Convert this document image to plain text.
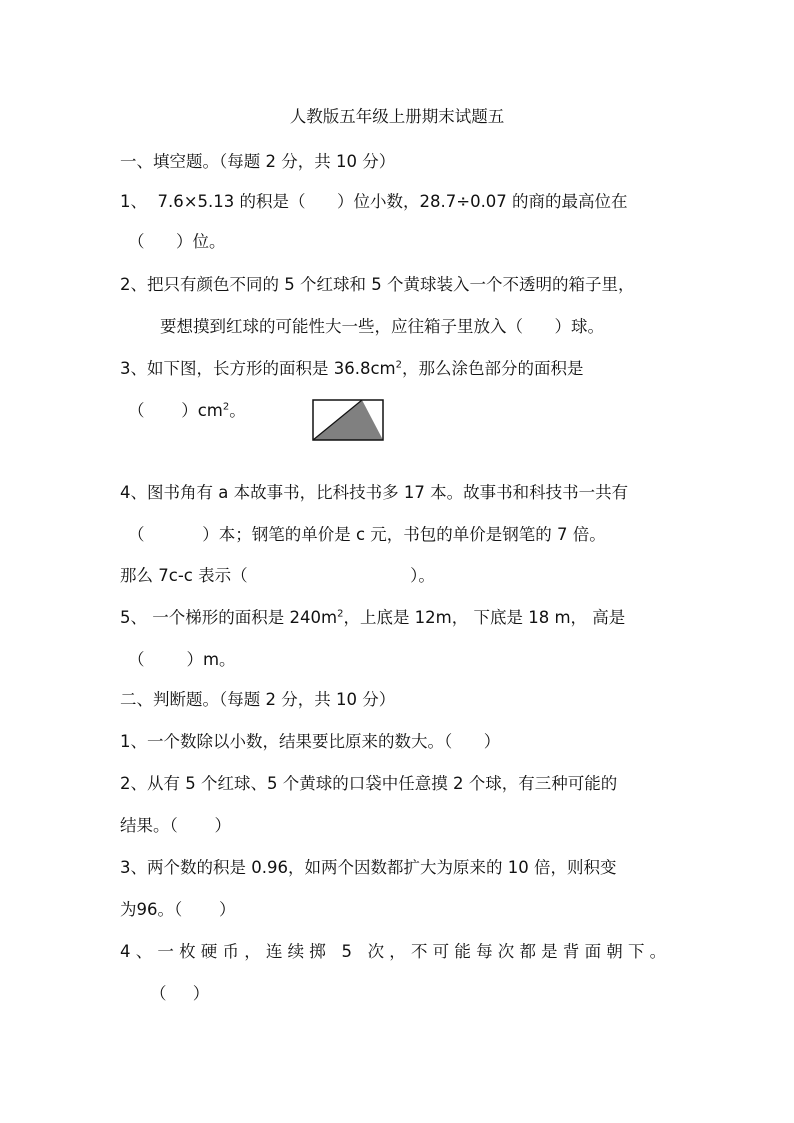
人教版五年级上册期末试题五
一、填空题。（每题 2 分，共 10 分）
1、  7.6×5.13 的积是（      ）位小数，28.7÷0.07 的商的最高位在
（      ）位。
2、把只有颜色不同的 5 个红球和 5 个黄球装入一个不透明的箱子里，
要想摸到红球的可能性大一些，应往箱子里放入（      ）球。
3、如下图，长方形的面积是 $36.8cm^2$，那么涂色部分的面积是
（       ）$cm^2$。
4、图书角有 a 本故事书，比科技书多 17 本。故事书和科技书一共有
（           ）本；钢笔的单价是 c 元，书包的单价是钢笔的 7 倍。
那么 7c-c 表示（                               ）。
5、 一个梯形的面积是 $240m^2$，上底是 12m， 下底是 18 m， 高是
（        ）m。
二、判断题。（每题 2 分，共 10 分）
1、一个数除以小数，结果要比原来的数大。（      ）
2、从有 5 个红球、5 个黄球的口袋中任意摸 2 个球，有三种可能的
结果。（       ）
3、两个数的积是 0.96，如两个因数都扩大为原来的 10 倍，则积变
为96。（       ）
4、一枚硬币，连续掷 5 次，不可能每次都是背面朝下。
（     ）
